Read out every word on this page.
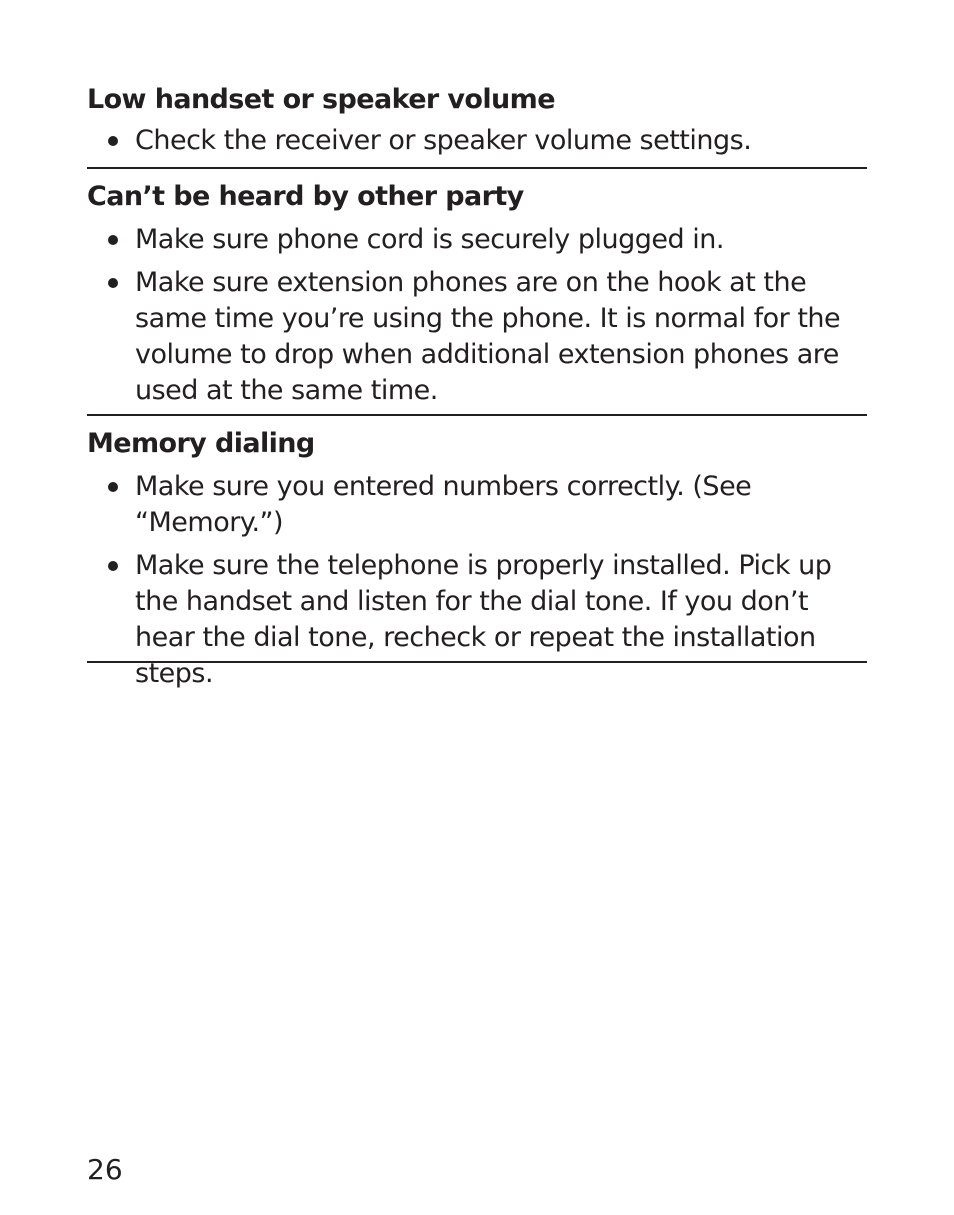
Low handset or speaker volume
Check the receiver or speaker volume settings.
Can’t be heard by other party
Make sure phone cord is securely plugged in.
Make sure extension phones are on the hook at the same time you’re using the phone. It is normal for the volume to drop when additional extension phones are used at the same time.
Memory dialing
Make sure you entered numbers correctly. (See “Memory.”)
Make sure the telephone is properly installed. Pick up the handset and listen for the dial tone. If you don’t hear the dial tone, recheck or repeat the installation steps.
26
